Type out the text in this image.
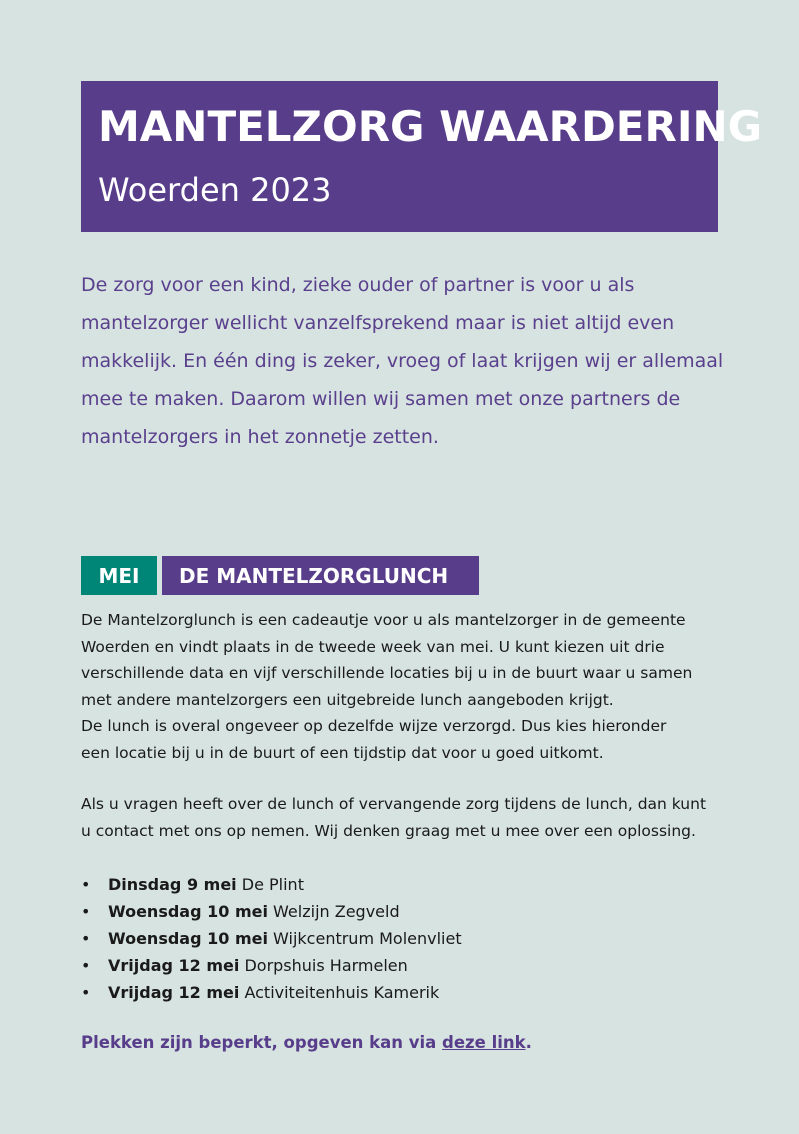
MANTELZORG WAARDERING
Woerden 2023

De zorg voor een kind, zieke ouder of partner is voor u als

mantelzorger wellicht vanzelfsprekend maar is niet altijd even

makkelijk. En één ding is zeker, vroeg of laat krijgen wij er allemaal

mee te maken. Daarom willen wij samen met onze partners de

mantelzorgers in het zonnetje zetten.

MEI	DE MANTELZORGLUNCH

De Mantelzorglunch is een cadeautje voor u als mantelzorger in de gemeente

Woerden en vindt plaats in de tweede week van mei. U kunt kiezen uit drie

verschillende data en vijf verschillende locaties bij u in de buurt waar u samen

met andere mantelzorgers een uitgebreide lunch aangeboden krijgt.

De lunch is overal ongeveer op dezelfde wijze verzorgd. Dus kies hieronder

een locatie bij u in de buurt of een tijdstip dat voor u goed uitkomt.

Als u vragen heeft over de lunch of vervangende zorg tijdens de lunch, dan kunt

u contact met ons op nemen. Wij denken graag met u mee over een oplossing.

• Dinsdag 9 mei De Plint
• Woensdag 10 mei Welzijn Zegveld
• Woensdag 10 mei Wijkcentrum Molenvliet
• Vrijdag 12 mei Dorpshuis Harmelen
• Vrijdag 12 mei Activiteitenhuis Kamerik
Plekken zijn beperkt, opgeven kan via deze link.
